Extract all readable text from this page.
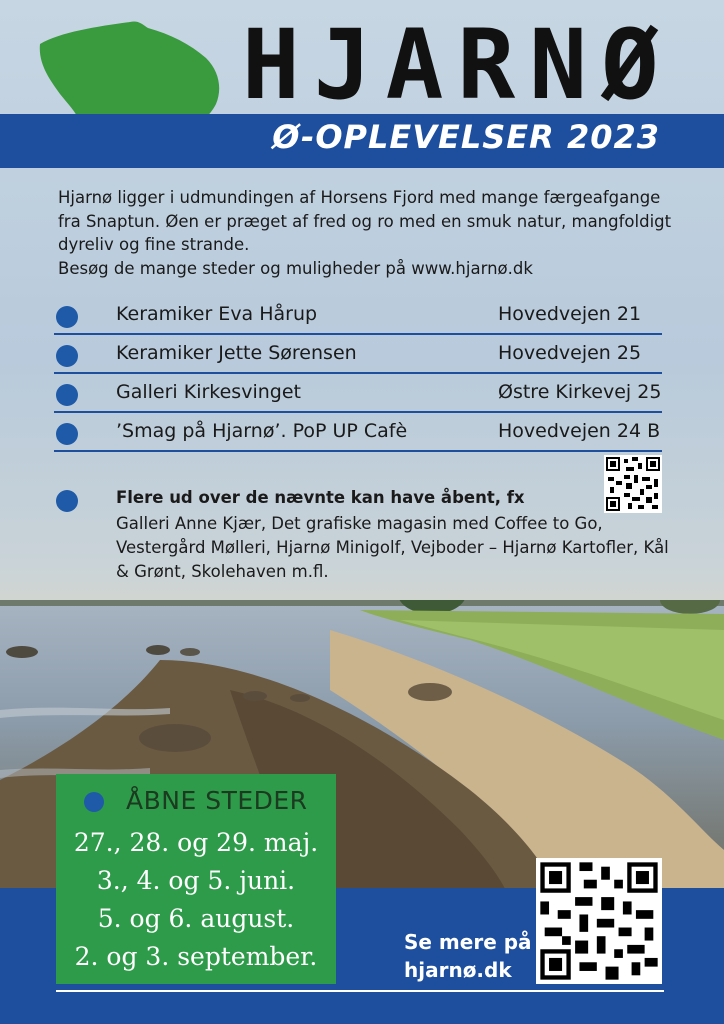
HJARNØ
Ø-OPLEVELSER 2023

Hjarnø ligger i udmundingen af Horsens Fjord med mange færgeafgange fra Snaptun. Øen er præget af fred og ro med en smuk natur, mangfoldigt dyreliv og fine strande.

Besøg de mange steder og muligheder på www.hjarnø.dk

Keramiker Eva Hårup	Hovedvejen 21
Keramiker Jette Sørensen	Hovedvejen 25
Galleri Kirkesvinget	Østre Kirkevej 25
’Smag på Hjarnø’. PoP UP Cafè	Hovedvejen 24 B
Flere ud over de nævnte kan have åbent, fx
Galleri Anne Kjær, Det grafiske magasin med Coffee to Go, Vestergård Mølleri, Hjarnø Minigolf, Vejboder – Hjarnø Kartofler, Kål & Grønt, Skolehaven m.fl.
ÅBNE STEDER
27., 28. og 29. maj.
3., 4. og 5. juni.
5. og 6. august.
2. og 3. september.	Se mere på
hjarnø.dk
